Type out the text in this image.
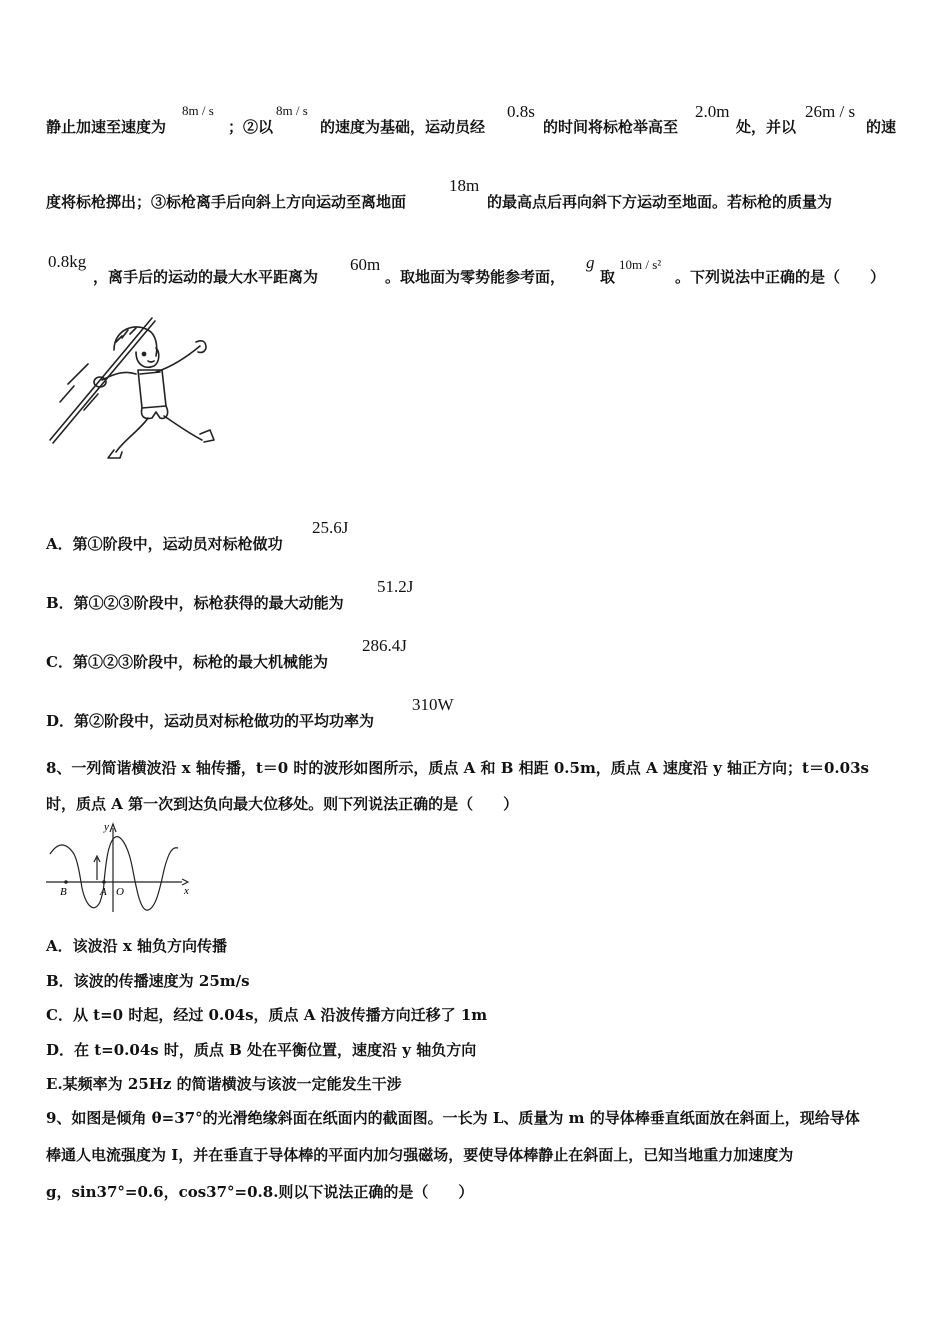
静止加速至速度为
8m / s
；②以
8m / s
的速度为基础，运动员经
0.8s
的时间将标枪举高至
2.0m
处，并以
26m / s
的速
度将标枪掷出；③标枪离手后向斜上方向运动至离地面
18m
的最高点后再向斜下方运动至地面。若标枪的质量为
0.8kg
，离手后的运动的最大水平距离为
60m
。取地面为零势能参考面，
g
取
10m / s²
。下列说法中正确的是（　　）
A．第①阶段中，运动员对标枪做功
25.6J
B．第①②③阶段中，标枪获得的最大动能为
51.2J
C．第①②③阶段中，标枪的最大机械能为
286.4J
D．第②阶段中，运动员对标枪做功的平均功率为
310W
8、一列简谐横波沿 x 轴传播，t＝0 时的波形如图所示，质点 A 和 B 相距 0.5m，质点 A 速度沿 y 轴正方向；t＝0.03s
时，质点 A 第一次到达负向最大位移处。则下列说法正确的是（　　）
y
x
B	A O
A．该波沿 x 轴负方向传播
B．该波的传播速度为 25m/s
C．从 t=0 时起，经过 0.04s，质点 A 沿波传播方向迁移了 1m
D．在 t=0.04s 时，质点 B 处在平衡位置，速度沿 y 轴负方向
E.某频率为 25Hz 的简谐横波与该波一定能发生干涉
9、如图是倾角 θ=37°的光滑绝缘斜面在纸面内的截面图。一长为 L、质量为 m 的导体棒垂直纸面放在斜面上，现给导体
棒通人电流强度为 I，并在垂直于导体棒的平面内加匀强磁场，要使导体棒静止在斜面上，已知当地重力加速度为
g，sin37°=0.6，cos37°=0.8.则以下说法正确的是（　　）
